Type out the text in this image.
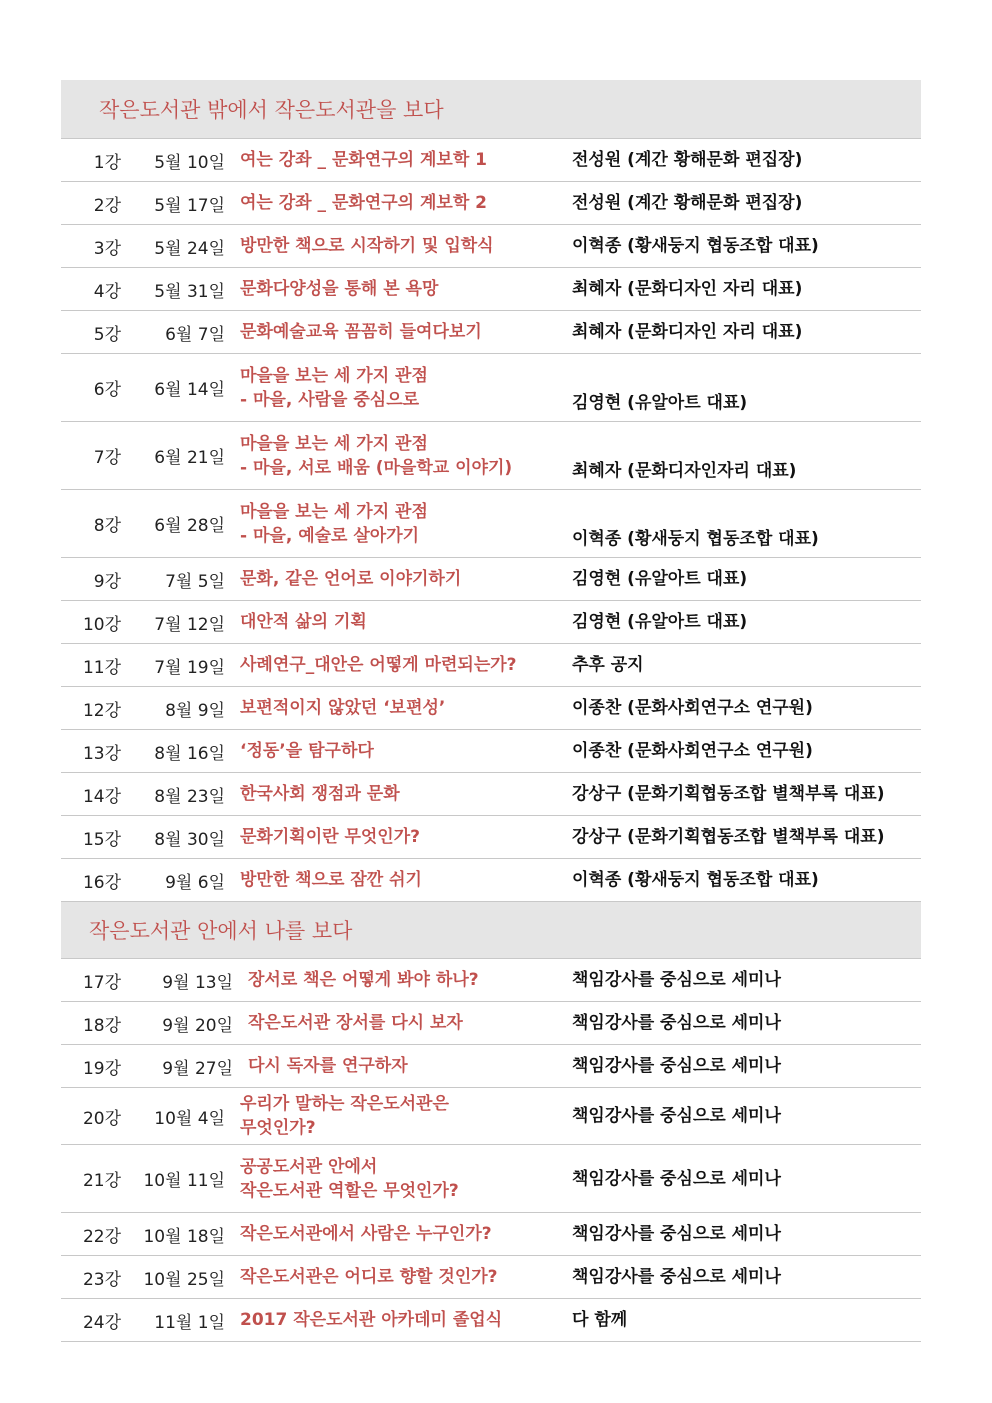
작은도서관 밖에서 작은도서관을 보다
1강	5월 10일 여는 강좌 _ 문화연구의 계보학 1	전성원 (계간 황해문화 편집장)
2강	5월 17일 여는 강좌 _ 문화연구의 계보학 2	전성원 (계간 황해문화 편집장)
3강	5월 24일 방만한 책으로 시작하기 및 입학식	이혁종 (황새둥지 협동조합 대표)
4강	5월 31일 문화다양성을 통해 본 욕망	최혜자 (문화디자인 자리 대표)
5강	6월 7일 문화예술교육 꼼꼼히 들여다보기	최혜자 (문화디자인 자리 대표)
6강	6월 14일
마을을 보는 세 가지 관점
- 마을, 사람을 중심으로	김영현 (유알아트 대표)
7강	6월 21일
마을을 보는 세 가지 관점
- 마을, 서로 배움 (마을학교 이야기)	최혜자 (문화디자인자리 대표)
8강	6월 28일
마을을 보는 세 가지 관점
- 마을, 예술로 살아가기	이혁종 (황새둥지 협동조합 대표)
9강	7월 5일 문화, 같은 언어로 이야기하기	김영현 (유알아트 대표)
10강	7월 12일 대안적 삶의 기획	김영현 (유알아트 대표)
11강	7월 19일 사례연구_대안은 어떻게 마련되는가?	추후 공지
12강	8월 9일 보편적이지 않았던 ‘보편성’	이종찬 (문화사회연구소 연구원)
13강	8월 16일 ‘정동’을 탐구하다	이종찬 (문화사회연구소 연구원)
14강	8월 23일 한국사회 쟁점과 문화	강상구 (문화기획협동조합 별책부록 대표)
15강	8월 30일 문화기획이란 무엇인가?	강상구 (문화기획협동조합 별책부록 대표)
16강	9월 6일 방만한 책으로 잠깐 쉬기	이혁종 (황새둥지 협동조합 대표)
작은도서관 안에서 나를 보다
17강	9월 13일 장서로 책은 어떻게 봐야 하나?	책임강사를 중심으로 세미나
18강	9월 20일 작은도서관 장서를 다시 보자	책임강사를 중심으로 세미나
19강	9월 27일 다시 독자를 연구하자	책임강사를 중심으로 세미나
20강	10월 4일
우리가 말하는 작은도서관은
무엇인가?
책임강사를 중심으로 세미나
21강	10월 11일
공공도서관 안에서
작은도서관 역할은 무엇인가?
책임강사를 중심으로 세미나
22강	10월 18일 작은도서관에서 사람은 누구인가?	책임강사를 중심으로 세미나
23강	10월 25일 작은도서관은 어디로 향할 것인가?	책임강사를 중심으로 세미나
24강	11월 1일 2017 작은도서관 아카데미 졸업식	다 함께
